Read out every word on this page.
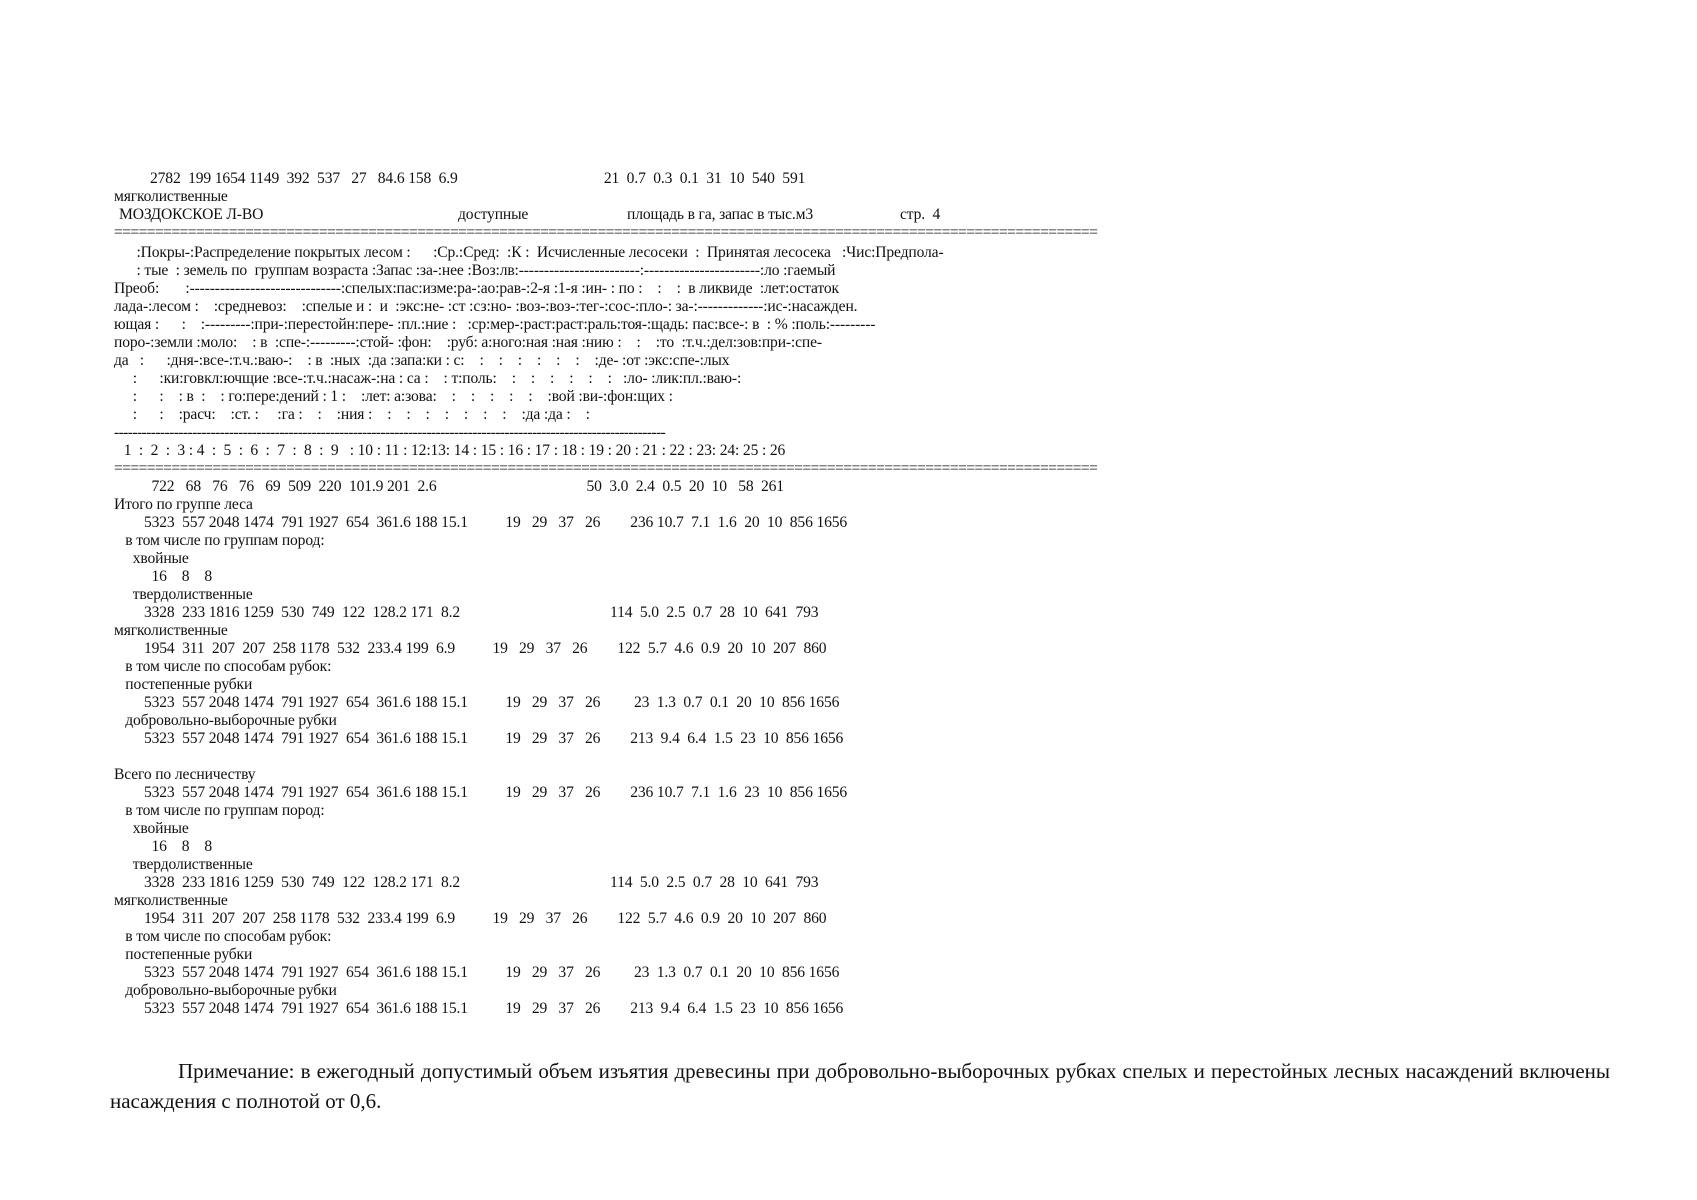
2782  199 1654 1149  392  537   27   84.6 158  6.9                                       21  0.7  0.3  0.1  31  10  540  591
мягколиственные
МОЗДОКСКОЕ Л-ВО	доступные	площадь в га, запас в тыс.м3	стр.  4
========================================================================================================================
:Покры-:Распределение покрытых лесом :      :Ср.:Сред:  :К :  Исчисленные лесосеки  :  Принятая лесосека   :Чис:Предпола-
: тые  : земель по  группам возраста :Запас :за-:нее :Воз:лв:------------------------:-----------------------:ло :гаемый
Преоб:       :------------------------------:спелых:пас:изме:ра-:ао:рав-:2-я :1-я :ин- : по :    :    :  в ликвиде  :лет:остаток
лада-:лесом :    :средневоз:    :спелые и :  и  :экс:не- :ст :сз:но- :воз-:воз-:тег-:сос-:пло-: за-:-------------:ис-:насажден.
ющая :      :    :---------:при-:перестойн:пере- :пл.:ние :   :ср:мер-:раст:раст:раль:тоя-:щадь: пас:все-: в  : % :поль:---------
поро-:земли :моло:    : в  :спе-:---------:стой- :фон:    :руб: а:ного:ная :ная :нию :    :    :то  :т.ч.:дел:зов:при-:спе-
да   :      :дня-:все-:т.ч.:ваю-:    : в  :ных  :да :запа:ки : с:    :    :    :    :    :    :    :де- :от :экс:спе-:лых
:      :ки:говкл:ючщие :все-:т.ч.:насаж-:на : са :    : т:поль:    :    :    :    :    :    :   :ло- :лик:пл.:ваю-:
:      :    : в  :    : го:пере:дений : 1 :    :лет: а:зова:    :    :    :    :    :    :вой :ви-:фон:щих :
:      :    :расч:    :ст. :     :га :    :    :ния :    :    :    :    :    :    :    :    :да :да :    :
------------------------------------------------------------------------------------------------------------------------
1  :  2  :  3 : 4  :  5  :  6  :  7  :  8  :  9   : 10 : 11 : 12:13: 14 : 15 : 16 : 17 : 18 : 19 : 20 : 21 : 22 : 23: 24: 25 : 26
========================================================================================================================
722   68   76   76   69  509  220  101.9 201  2.6                                        50  3.0  2.4  0.5  20  10   58  261
Итого по группе леса
5323  557 2048 1474  791 1927  654  361.6 188 15.1          19   29   37   26        236 10.7  7.1  1.6  20  10  856 1656
в том числе по группам пород:
хвойные
16    8    8
твердолиственные
3328  233 1816 1259  530  749  122  128.2 171  8.2                                        114  5.0  2.5  0.7  28  10  641  793
мягколиственные
1954  311  207  207  258 1178  532  233.4 199  6.9          19   29   37   26        122  5.7  4.6  0.9  20  10  207  860
в том числе по способам рубок:
постепенные рубки
5323  557 2048 1474  791 1927  654  361.6 188 15.1          19   29   37   26         23  1.3  0.7  0.1  20  10  856 1656
добровольно-выборочные рубки
5323  557 2048 1474  791 1927  654  361.6 188 15.1          19   29   37   26        213  9.4  6.4  1.5  23  10  856 1656
Всего по лесничеству
5323  557 2048 1474  791 1927  654  361.6 188 15.1          19   29   37   26        236 10.7  7.1  1.6  23  10  856 1656
в том числе по группам пород:
хвойные
16    8    8
твердолиственные
3328  233 1816 1259  530  749  122  128.2 171  8.2                                        114  5.0  2.5  0.7  28  10  641  793
мягколиственные
1954  311  207  207  258 1178  532  233.4 199  6.9          19   29   37   26        122  5.7  4.6  0.9  20  10  207  860
в том числе по способам рубок:
постепенные рубки
5323  557 2048 1474  791 1927  654  361.6 188 15.1          19   29   37   26         23  1.3  0.7  0.1  20  10  856 1656
добровольно-выборочные рубки
5323  557 2048 1474  791 1927  654  361.6 188 15.1          19   29   37   26        213  9.4  6.4  1.5  23  10  856 1656

Примечание: в ежегодный допустимый объем изъятия древесины при добровольно-выборочных рубках спелых и перестойных лесных насаждений включены насаждения с полнотой от 0,6.
